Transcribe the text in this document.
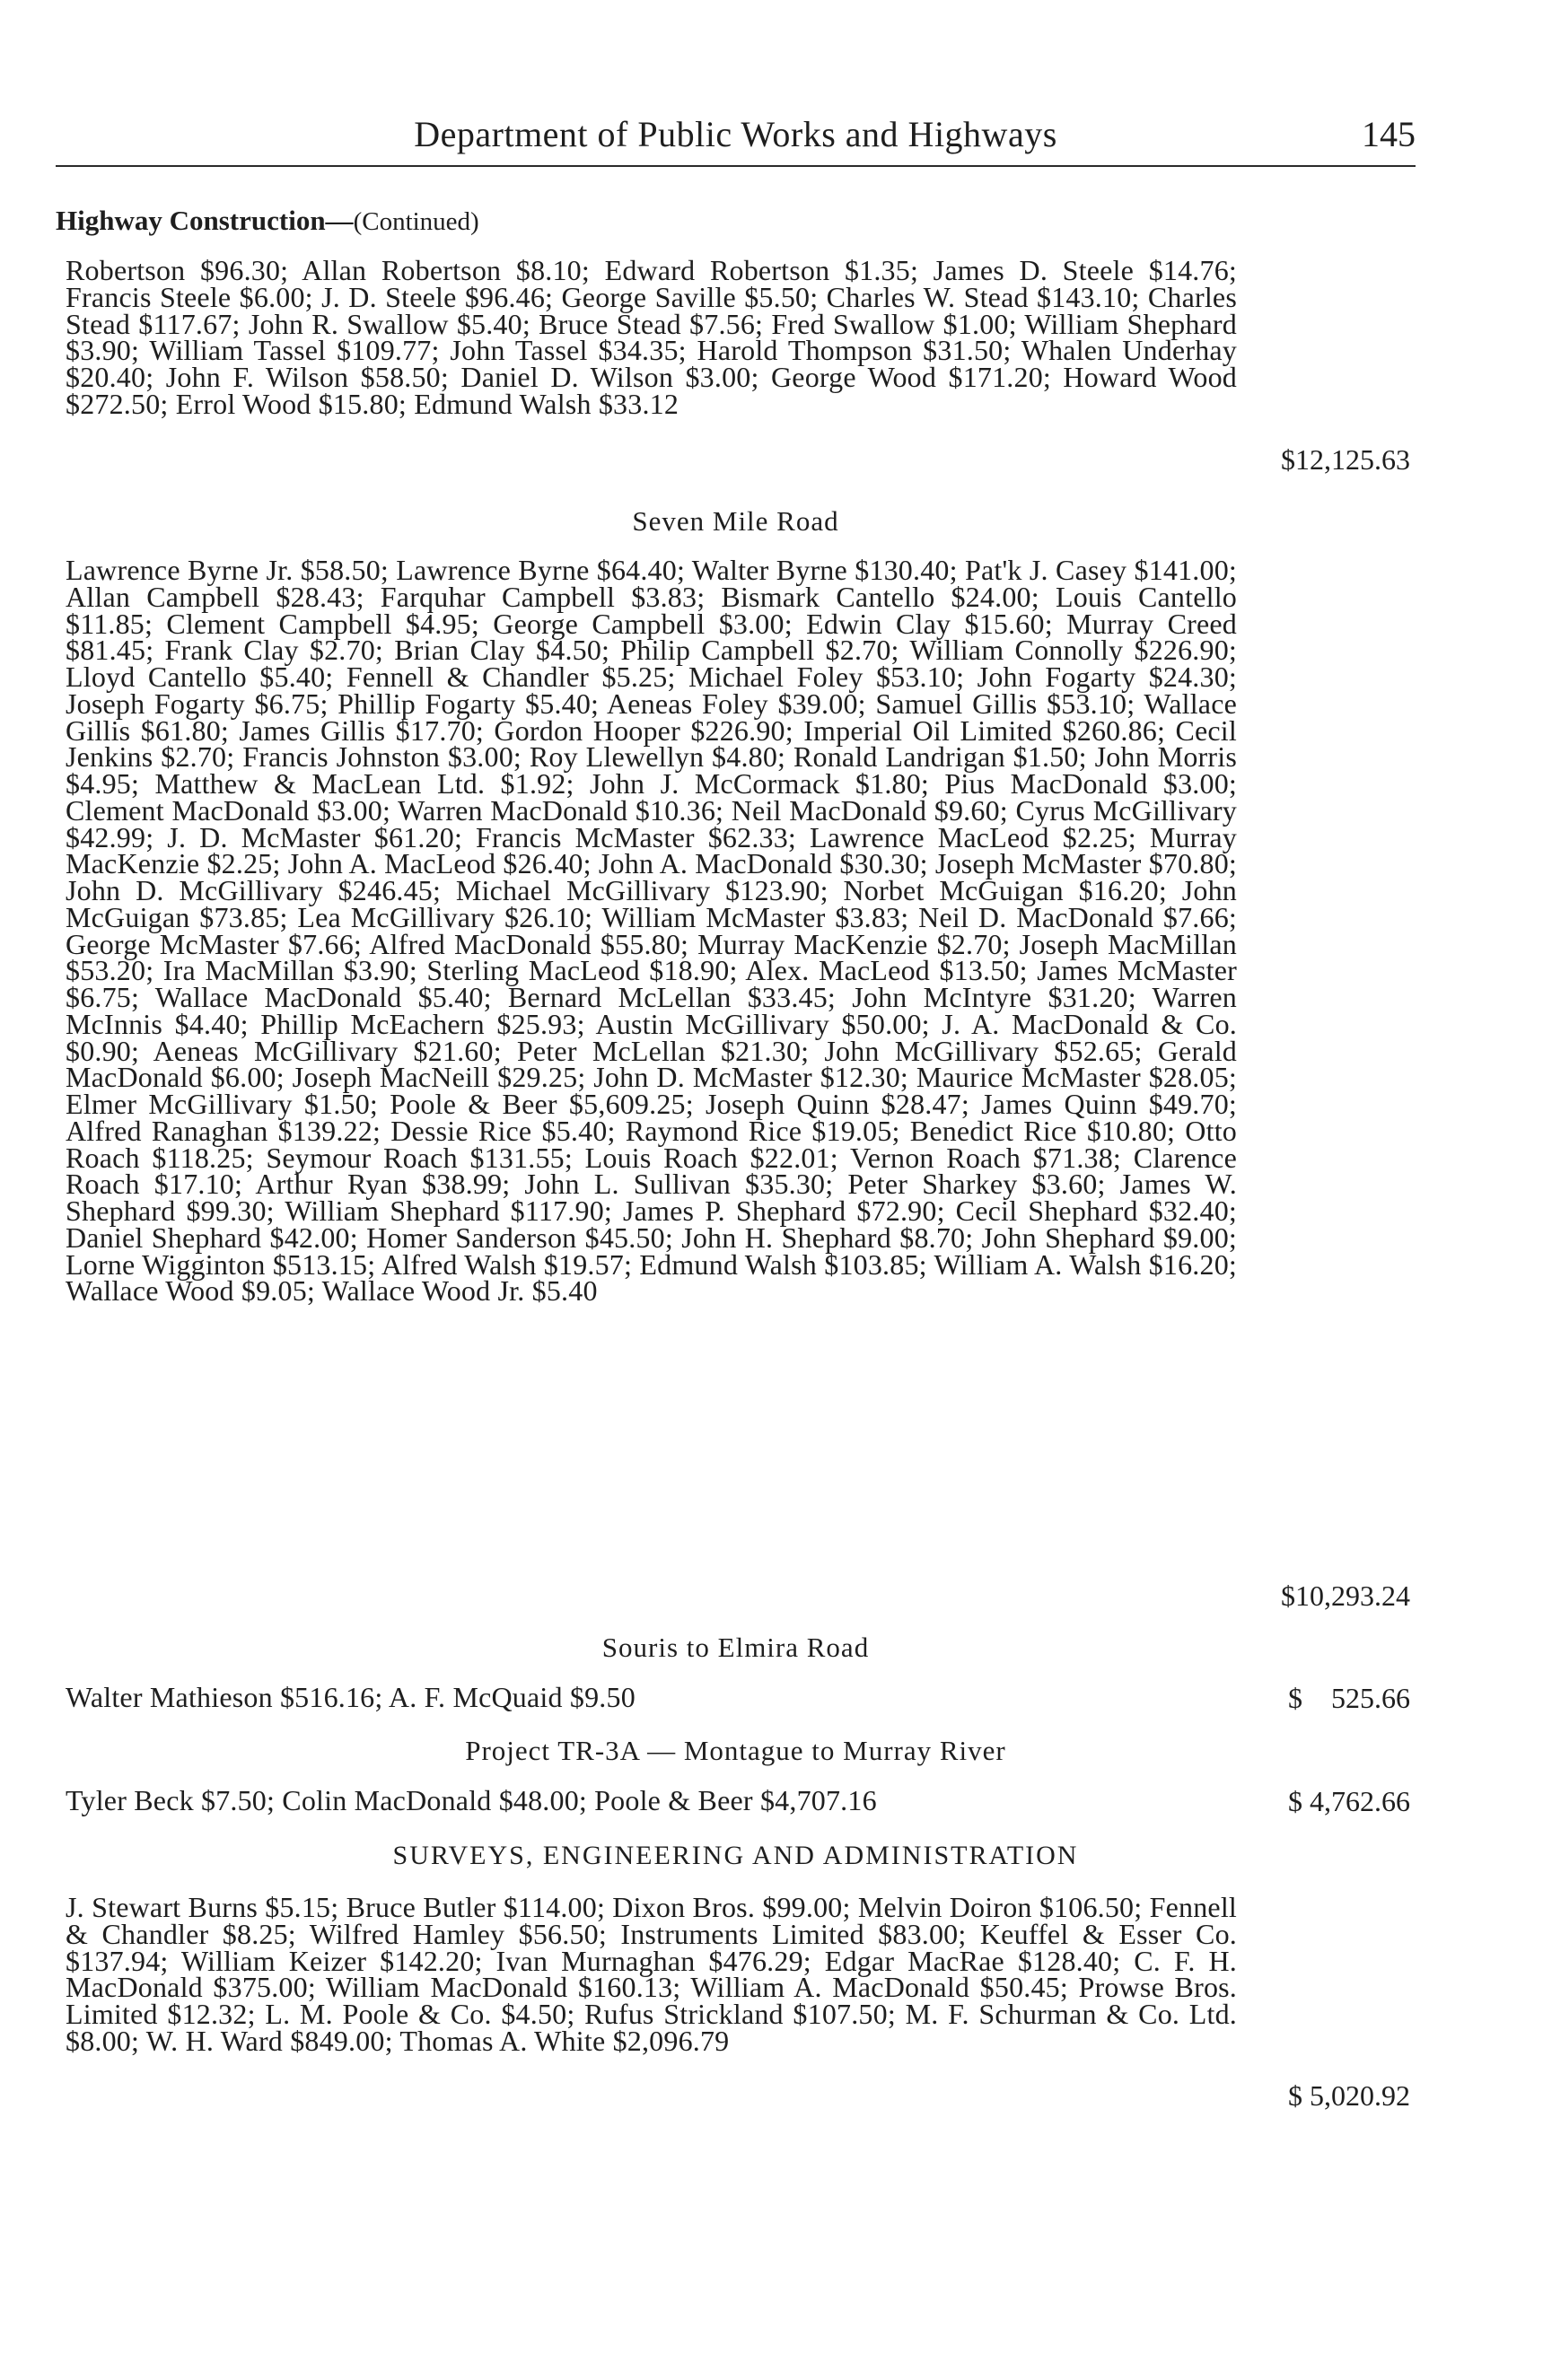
Department of Public Works and Highways	145
Highway Construction—(Continued)

Robertson $96.30; Allan Robertson $8.10; Edward Robertson $1.35; James D. Steele $14.76; Francis Steele $6.00; J. D. Steele $96.46; George Saville $5.50; Charles W. Stead $143.10; Charles Stead $117.67; John R. Swallow $5.40; Bruce Stead $7.56; Fred Swallow $1.00; William Shephard $3.90; William Tassel $109.77; John Tassel $34.35; Harold Thompson $31.50; Whalen Underhay $20.40; John F. Wilson $58.50; Daniel D. Wilson $3.00; George Wood $171.20; Howard Wood $272.50; Errol Wood $15.80; Edmund Walsh $33.12

$12,125.63
Seven Mile Road

Lawrence Byrne Jr. $58.50; Lawrence Byrne $64.40; Walter Byrne $130.40; Pat'k J. Casey $141.00; Allan Campbell $28.43; Farquhar Campbell $3.83; Bismark Cantello $24.00; Louis Cantello $11.85; Clement Campbell $4.95; George Campbell $3.00; Edwin Clay $15.60; Murray Creed $81.45; Frank Clay $2.70; Brian Clay $4.50; Philip Campbell $2.70; William Connolly $226.90; Lloyd Cantello $5.40; Fennell & Chandler $5.25; Michael Foley $53.10; John Fogarty $24.30; Joseph Fogarty $6.75; Phillip Fogarty $5.40; Aeneas Foley $39.00; Samuel Gillis $53.10; Wallace Gillis $61.80; James Gillis $17.70; Gordon Hooper $226.90; Imperial Oil Limited $260.86; Cecil Jenkins $2.70; Francis Johnston $3.00; Roy Llewellyn $4.80; Ronald Landrigan $1.50; John Morris $4.95; Matthew & MacLean Ltd. $1.92; John J. McCormack $1.80; Pius MacDonald $3.00; Clement MacDonald $3.00; Warren MacDonald $10.36; Neil MacDonald $9.60; Cyrus McGillivary $42.99; J. D. McMaster $61.20; Francis McMaster $62.33; Lawrence MacLeod $2.25; Murray MacKenzie $2.25; John A. MacLeod $26.40; John A. MacDonald $30.30; Joseph McMaster $70.80; John D. McGillivary $246.45; Michael McGillivary $123.90; Norbet McGuigan $16.20; John McGuigan $73.85; Lea McGillivary $26.10; William McMaster $3.83; Neil D. MacDonald $7.66; George McMaster $7.66; Alfred MacDonald $55.80; Murray MacKenzie $2.70; Joseph MacMillan $53.20; Ira MacMillan $3.90; Sterling MacLeod $18.90; Alex. MacLeod $13.50; James McMaster $6.75; Wallace MacDonald $5.40; Bernard McLellan $33.45; John McIntyre $31.20; Warren McInnis $4.40; Phillip McEachern $25.93; Austin McGillivary $50.00; J. A. MacDonald & Co. $0.90; Aeneas McGillivary $21.60; Peter McLellan $21.30; John McGillivary $52.65; Gerald MacDonald $6.00; Joseph MacNeill $29.25; John D. McMaster $12.30; Maurice McMaster $28.05; Elmer McGillivary $1.50; Poole & Beer $5,609.25; Joseph Quinn $28.47; James Quinn $49.70; Alfred Ranaghan $139.22; Dessie Rice $5.40; Raymond Rice $19.05; Benedict Rice $10.80; Otto Roach $118.25; Seymour Roach $131.55; Louis Roach $22.01; Vernon Roach $71.38; Clarence Roach $17.10; Arthur Ryan $38.99; John L. Sullivan $35.30; Peter Sharkey $3.60; James W. Shephard $99.30; William Shephard $117.90; James P. Shephard $72.90; Cecil Shephard $32.40; Daniel Shephard $42.00; Homer Sanderson $45.50; John H. Shephard $8.70; John Shephard $9.00; Lorne Wigginton $513.15; Alfred Walsh $19.57; Edmund Walsh $103.85; William A. Walsh $16.20; Wallace Wood $9.05; Wallace Wood Jr. $5.40

$10,293.24
Souris to Elmira Road

Walter Mathieson $516.16; A. F. McQuaid $9.50	$    525.66
Project TR-3A — Montague to Murray River

Tyler Beck $7.50; Colin MacDonald $48.00; Poole & Beer $4,707.16	$ 4,762.66
SURVEYS, ENGINEERING AND ADMINISTRATION

J. Stewart Burns $5.15; Bruce Butler $114.00; Dixon Bros. $99.00; Melvin Doiron $106.50; Fennell & Chandler $8.25; Wilfred Hamley $56.50; Instruments Limited $83.00; Keuffel & Esser Co. $137.94; William Keizer $142.20; Ivan Murnaghan $476.29; Edgar MacRae $128.40; C. F. H. MacDonald $375.00; William MacDonald $160.13; William A. MacDonald $50.45; Prowse Bros. Limited $12.32; L. M. Poole & Co. $4.50; Rufus Strickland $107.50; M. F. Schurman & Co. Ltd. $8.00; W. H. Ward $849.00; Thomas A. White $2,096.79

$ 5,020.92
